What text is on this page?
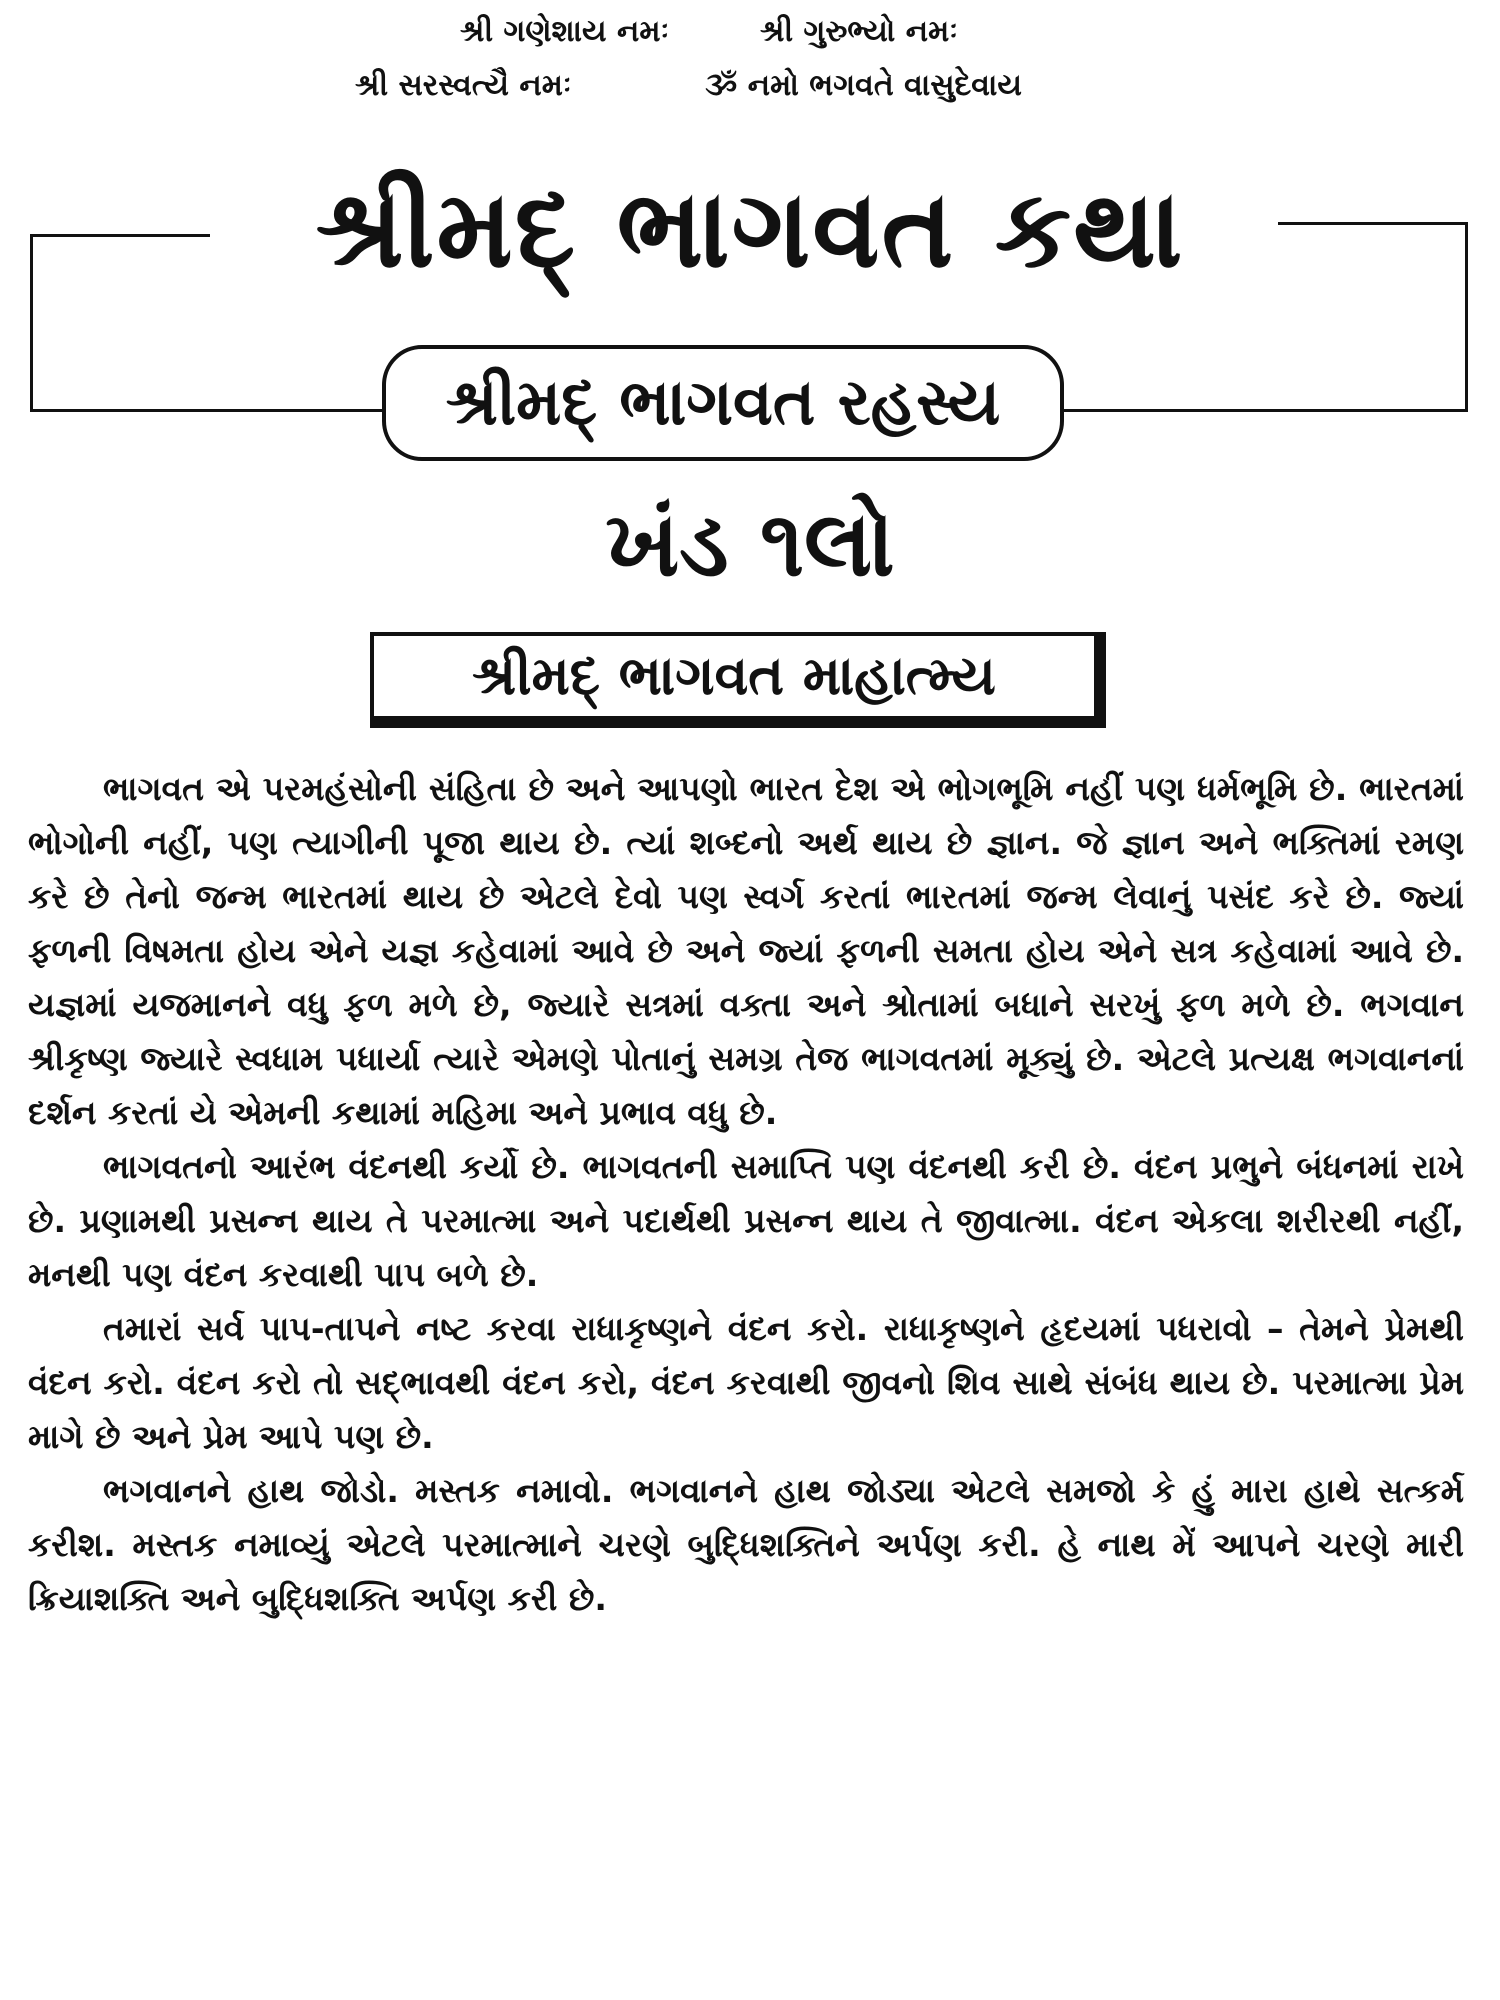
શ્રી ગણેશાય નમઃ	શ્રી ગુરુભ્યો નમઃ
શ્રી સરસ્વત્યૈ નમઃ	ૐ નમો ભગવતે વાસુદેવાય
શ્રીમદ્ ભાગવત કથા
શ્રીમદ્ ભાગવત રહસ્ય
ખંડ ૧લો
શ્રીમદ્ ભાગવત માહાત્મ્ય

ભાગવત એ પરમહંસોની સંહિતા છે અને આપણો ભારત દેશ એ ભોગભૂમિ નહીં પણ ધર્મભૂમિ છે. ભારતમાં ભોગોની નહીં, પણ ત્યાગીની પૂજા થાય છે. ત્યાં શબ્દનો અર્થ થાય છે જ્ઞાન. જે જ્ઞાન અને ભક્તિમાં રમણ કરે છે તેનો જન્મ ભારતમાં થાય છે એટલે દેવો પણ સ્વર્ગ કરતાં ભારતમાં જન્મ લેવાનું પસંદ કરે છે. જ્યાં ફળની વિષમતા હોય એને યજ્ઞ કહેવામાં આવે છે અને જ્યાં ફળની સમતા હોય એને સત્ર કહેવામાં આવે છે. યજ્ઞમાં યજમાનને વધુ ફળ મળે છે, જ્યારે સત્રમાં વક્તા અને શ્રોતામાં બધાને સરખું ફળ મળે છે. ભગવાન શ્રીકૃષ્ણ જ્યારે સ્વધામ પધાર્યા ત્યારે એમણે પોતાનું સમગ્ર તેજ ભાગવતમાં મૂક્યું છે. એટલે પ્રત્યક્ષ ભગવાનનાં દર્શન કરતાં યે એમની કથામાં મહિમા અને પ્રભાવ વધુ છે.

ભાગવતનો આરંભ વંદનથી કર્યો છે. ભાગવતની સમાપ્તિ પણ વંદનથી કરી છે. વંદન પ્રભુને બંધનમાં રાખે છે. પ્રણામથી પ્રસન્ન થાય તે પરમાત્મા અને પદાર્થથી પ્રસન્ન થાય તે જીવાત્મા. વંદન એકલા શરીરથી નહીં, મનથી પણ વંદન કરવાથી પાપ બળે છે.

તમારાં સર્વ પાપ-તાપને નષ્ટ કરવા રાધાકૃષ્ણને વંદન કરો. રાધાકૃષ્ણને હૃદયમાં પધરાવો – તેમને પ્રેમથી વંદન કરો. વંદન કરો તો સદ્ભાવથી વંદન કરો, વંદન કરવાથી જીવનો શિવ સાથે સંબંધ થાય છે. પરમાત્મા પ્રેમ માગે છે અને પ્રેમ આપે પણ છે.

ભગવાનને હાથ જોડો. મસ્તક નમાવો. ભગવાનને હાથ જોડ્યા એટલે સમજો કે હું મારા હાથે સત્કર્મ કરીશ. મસ્તક નમાવ્યું એટલે પરમાત્માને ચરણે બુદ્ધિશક્તિને અર્પણ કરી. હે નાથ મેં આપને ચરણે મારી ક્રિયાશક્તિ અને બુદ્ધિશક્તિ અર્પણ કરી છે.
